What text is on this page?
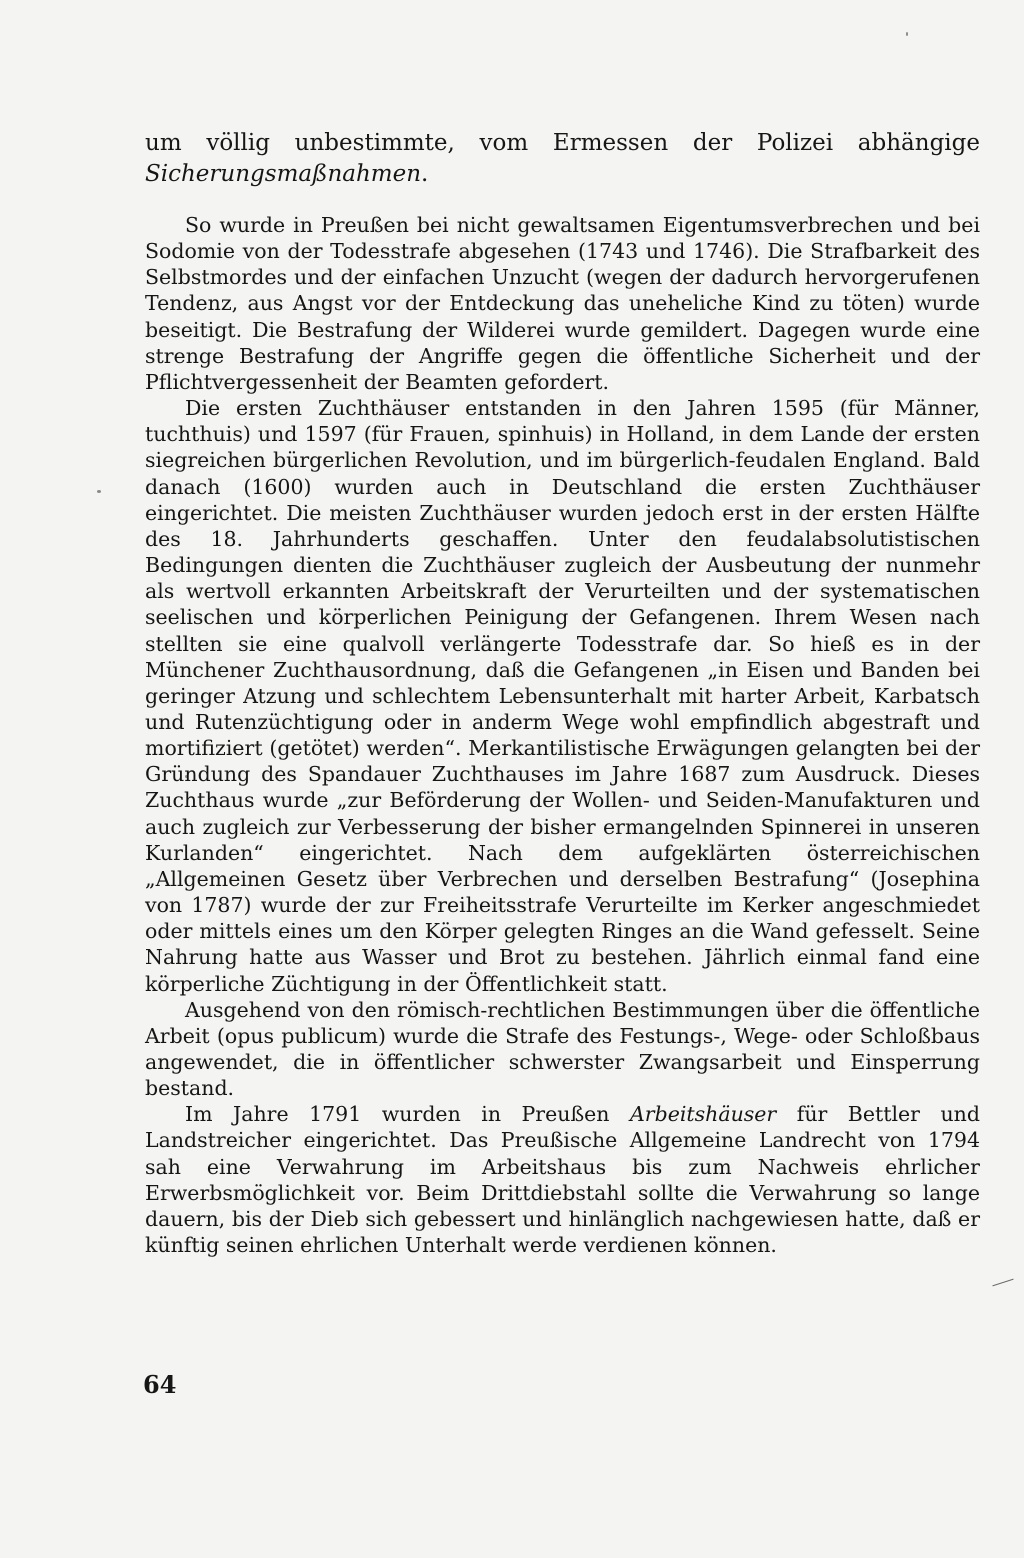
um völlig unbestimmte, vom Ermessen der Polizei abhängige Sicherungsmaßnahmen.

So wurde in Preußen bei nicht gewaltsamen Eigentumsverbrechen und bei Sodomie von der Todesstrafe abgesehen (1743 und 1746). Die Strafbarkeit des Selbstmordes und der einfachen Unzucht (wegen der dadurch hervorgerufenen Tendenz, aus Angst vor der Entdeckung das uneheliche Kind zu töten) wurde beseitigt. Die Bestrafung der Wilderei wurde gemildert. Dagegen wurde eine strenge Bestrafung der Angriffe gegen die öffentliche Sicherheit und der Pflichtvergessenheit der Beamten gefordert.

Die ersten Zuchthäuser entstanden in den Jahren 1595 (für Männer, tuchthuis) und 1597 (für Frauen, spinhuis) in Holland, in dem Lande der ersten siegreichen bürgerlichen Revolution, und im bürgerlich-feudalen England. Bald danach (1600) wurden auch in Deutschland die ersten Zuchthäuser eingerichtet. Die meisten Zuchthäuser wurden jedoch erst in der ersten Hälfte des 18. Jahrhunderts geschaffen. Unter den feudalabsolutistischen Bedingungen dienten die Zuchthäuser zugleich der Ausbeutung der nunmehr als wertvoll erkannten Arbeitskraft der Verurteilten und der systematischen seelischen und körperlichen Peinigung der Gefangenen. Ihrem Wesen nach stellten sie eine qualvoll verlängerte Todesstrafe dar. So hieß es in der Münchener Zuchthausordnung, daß die Gefangenen „in Eisen und Banden bei geringer Atzung und schlechtem Lebensunterhalt mit harter Arbeit, Karbatsch und Rutenzüchtigung oder in anderm Wege wohl empfindlich abgestraft und mortifiziert (getötet) werden“. Merkantilistische Erwägungen gelangten bei der Gründung des Spandauer Zuchthauses im Jahre 1687 zum Ausdruck. Dieses Zuchthaus wurde „zur Beförderung der Wollen- und Seiden-Manufakturen und auch zugleich zur Verbesserung der bisher ermangelnden Spinnerei in unseren Kurlanden“ eingerichtet. Nach dem aufgeklärten österreichischen „Allgemeinen Gesetz über Verbrechen und derselben Bestrafung“ (Josephina von 1787) wurde der zur Freiheitsstrafe Verurteilte im Kerker angeschmiedet oder mittels eines um den Körper gelegten Ringes an die Wand gefesselt. Seine Nahrung hatte aus Wasser und Brot zu bestehen. Jährlich einmal fand eine körperliche Züchtigung in der Öffentlichkeit statt.

Ausgehend von den römisch-rechtlichen Bestimmungen über die öffentliche Arbeit (opus publicum) wurde die Strafe des Festungs-, Wege- oder Schloßbaus angewendet, die in öffentlicher schwerster Zwangsarbeit und Einsperrung bestand.

Im Jahre 1791 wurden in Preußen Arbeitshäuser für Bettler und Landstreicher eingerichtet. Das Preußische Allgemeine Landrecht von 1794 sah eine Verwahrung im Arbeitshaus bis zum Nachweis ehrlicher Erwerbsmöglichkeit vor. Beim Drittdiebstahl sollte die Verwahrung so lange dauern, bis der Dieb sich gebessert und hinlänglich nachgewiesen hatte, daß er künftig seinen ehrlichen Unterhalt werde verdienen können.

64
